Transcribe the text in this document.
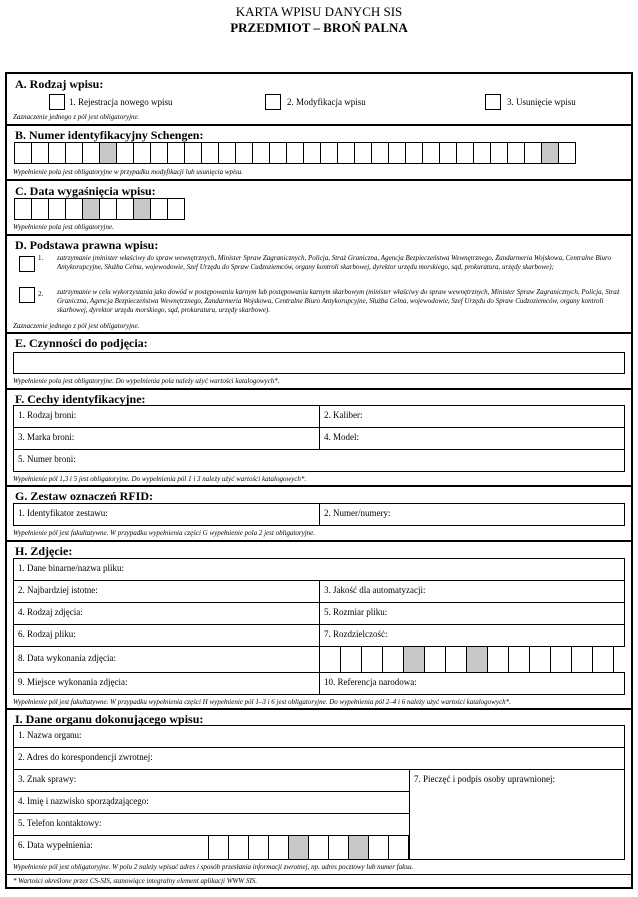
KARTA WPISU DANYCH SIS
PRZEDMIOT – BROŃ PALNA
A. Rodzaj wpisu:
1. Rejestracja nowego wpisu	2. Modyfikacja wpisu	3. Usunięcie wpisu
Zaznaczenie jednego z pól jest obligatoryjne.
B. Numer identyfikacyjny Schengen:
Wypełnienie pola jest obligatoryjne w przypadku modyfikacji lub usunięcia wpisu.
C. Data wygaśnięcia wpisu:
Wypełnienie pola jest obligatoryjne.
D. Podstawa prawna wpisu:
1. zatrzymanie (minister właściwy do spraw wewnętrznych, Minister Spraw Zagranicznych, Policja, Straż Graniczna, Agencja Bezpieczeństwa Wewnętrznego, Żandarmeria Wojskowa, Centralne Biuro Antykorupcyjne, Służba Celna, wojewodowie, Szef Urzędu do Spraw Cudzoziemców, organy kontroli skarbowej, dyrektor urzędu morskiego, sąd, prokuratura, urzędy skarbowe);
2. zatrzymanie w celu wykorzystania jako dowód w postępowaniu karnym lub postępowaniu karnym skarbowym (minister właściwy do spraw wewnętrznych, Minister Spraw Zagranicznych, Policja, Straż Graniczna, Agencja Bezpieczeństwa Wewnętrznego, Żandarmeria Wojskowa, Centralne Biuro Antykorupcyjne, Służba Celna, wojewodowie, Szef Urzędu do Spraw Cudzoziemców, organy kontroli skarbowej, dyrektor urzędu morskiego, sąd, prokuratura, urzędy skarbowe).
Zaznaczenie jednego z pól jest obligatoryjne.
E. Czynności do podjęcia:
Wypełnienie pola jest obligatoryjne. Do wypełnienia pola należy użyć wartości katalogowych*.
F. Cechy identyfikacyjne:
1. Rodzaj broni:	2. Kaliber:
3. Marka broni:	4. Model:
5. Numer broni:
Wypełnienie pól 1,3 i 5 jest obligatoryjne. Do wypełnienia pól 1 i 3 należy użyć wartości katalogowych*.
G. Zestaw oznaczeń RFID:
1. Identyfikator zestawu:	2. Numer/numery:
Wypełnienie pól jest fakultatywne. W przypadku wypełnienia części G wypełnienie pola 2 jest obligatoryjne.
H. Zdjęcie:
1. Dane binarne/nazwa pliku:
2. Najbardziej istotne:	3. Jakość dla automatyzacji:
4. Rodzaj zdjęcia:	5. Rozmiar pliku:
6. Rodzaj pliku:	7. Rozdzielczość:
8. Data wykonania zdjęcia:
9. Miejsce wykonania zdjęcia:	10. Referencja narodowa:
Wypełnienie pól jest fakultatywne. W przypadku wypełnienia części H wypełnienie pól 1–3 i 6 jest obligatoryjne. Do wypełnienia pól 2–4 i 6 należy użyć wartości katalogowych*.
I. Dane organu dokonującego wpisu:
1. Nazwa organu:
2. Adres do korespondencji zwrotnej:
3. Znak sprawy:	7. Pieczęć i podpis osoby uprawnionej:
4. Imię i nazwisko sporządzającego:
5. Telefon kontaktowy:
6. Data wypełnienia:
Wypełnienie pól jest obligatoryjne. W polu 2 należy wpisać adres i sposób przesłania informacji zwrotnej, np. adres pocztowy lub numer faksu.
* Wartości określone przez CS-SIS, stanowiące integralny element aplikacji WWW SIS.
